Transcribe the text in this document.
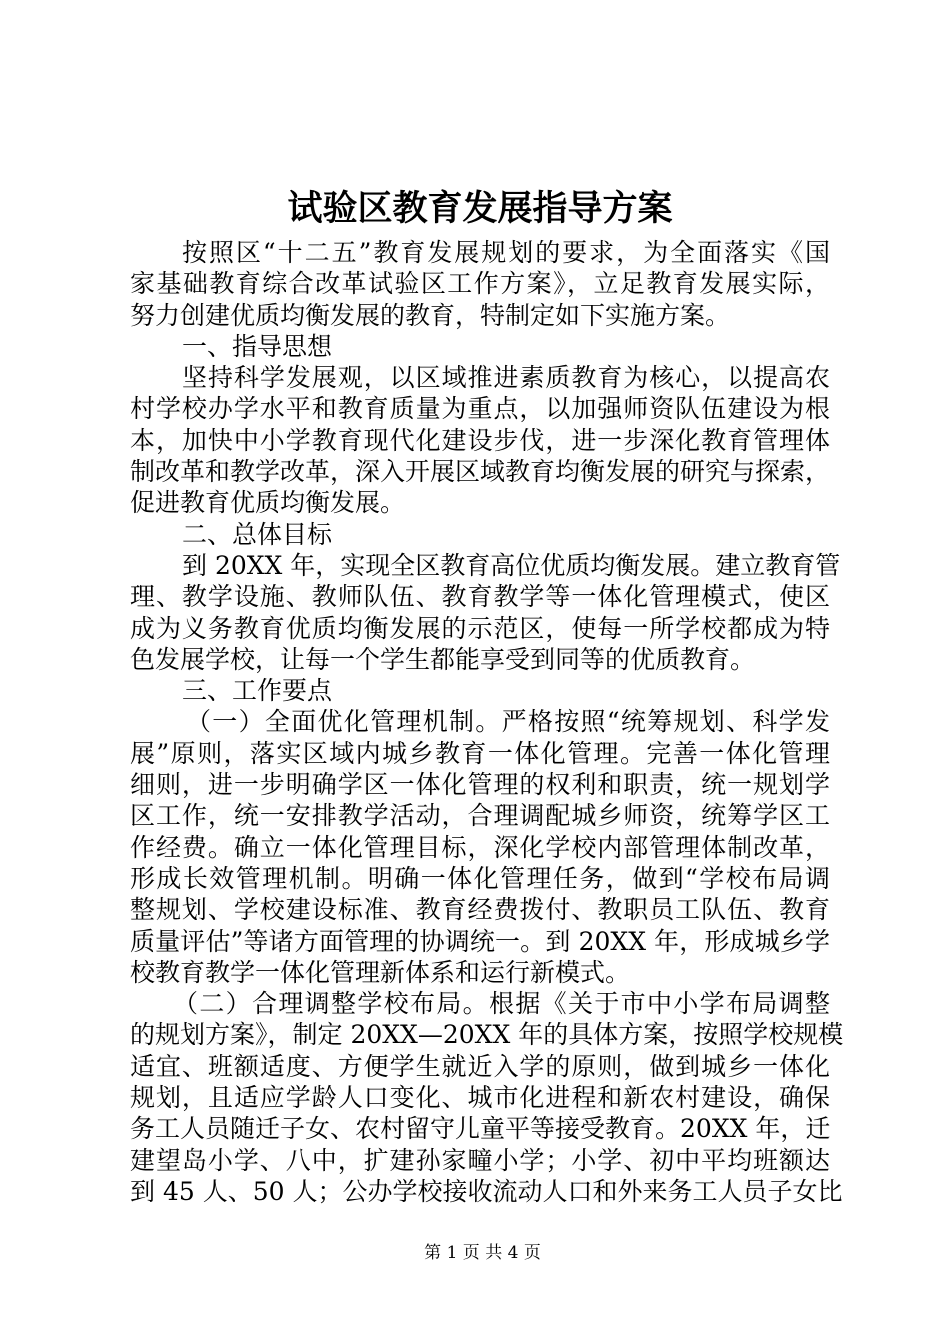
试验区教育发展指导方案
按照区“十二五”教育发展规划的要求，为全面落实《国
家基础教育综合改革试验区工作方案》，立足教育发展实际，
努力创建优质均衡发展的教育，特制定如下实施方案。
一、指导思想
坚持科学发展观，以区域推进素质教育为核心，以提高农
村学校办学水平和教育质量为重点，以加强师资队伍建设为根
本，加快中小学教育现代化建设步伐，进一步深化教育管理体
制改革和教学改革，深入开展区域教育均衡发展的研究与探索，
促进教育优质均衡发展。
二、总体目标
到 20XX 年，实现全区教育高位优质均衡发展。建立教育管
理、教学设施、教师队伍、教育教学等一体化管理模式，使区
成为义务教育优质均衡发展的示范区，使每一所学校都成为特
色发展学校，让每一个学生都能享受到同等的优质教育。
三、工作要点
（一）全面优化管理机制。严格按照“统筹规划、科学发
展”原则，落实区域内城乡教育一体化管理。完善一体化管理
细则，进一步明确学区一体化管理的权利和职责，统一规划学
区工作，统一安排教学活动，合理调配城乡师资，统筹学区工
作经费。确立一体化管理目标，深化学校内部管理体制改革，
形成长效管理机制。明确一体化管理任务，做到“学校布局调
整规划、学校建设标准、教育经费拨付、教职员工队伍、教育
质量评估”等诸方面管理的协调统一。到 20XX 年，形成城乡学
校教育教学一体化管理新体系和运行新模式。
（二）合理调整学校布局。根据《关于市中小学布局调整
的规划方案》，制定 20XX—20XX 年的具体方案，按照学校规模
适宜、班额适度、方便学生就近入学的原则，做到城乡一体化
规划，且适应学龄人口变化、城市化进程和新农村建设，确保
务工人员随迁子女、农村留守儿童平等接受教育。20XX 年，迁
建望岛小学、八中，扩建孙家疃小学；小学、初中平均班额达
到 45 人、50 人；公办学校接收流动人口和外来务工人员子女比
第 1 页 共 4 页
